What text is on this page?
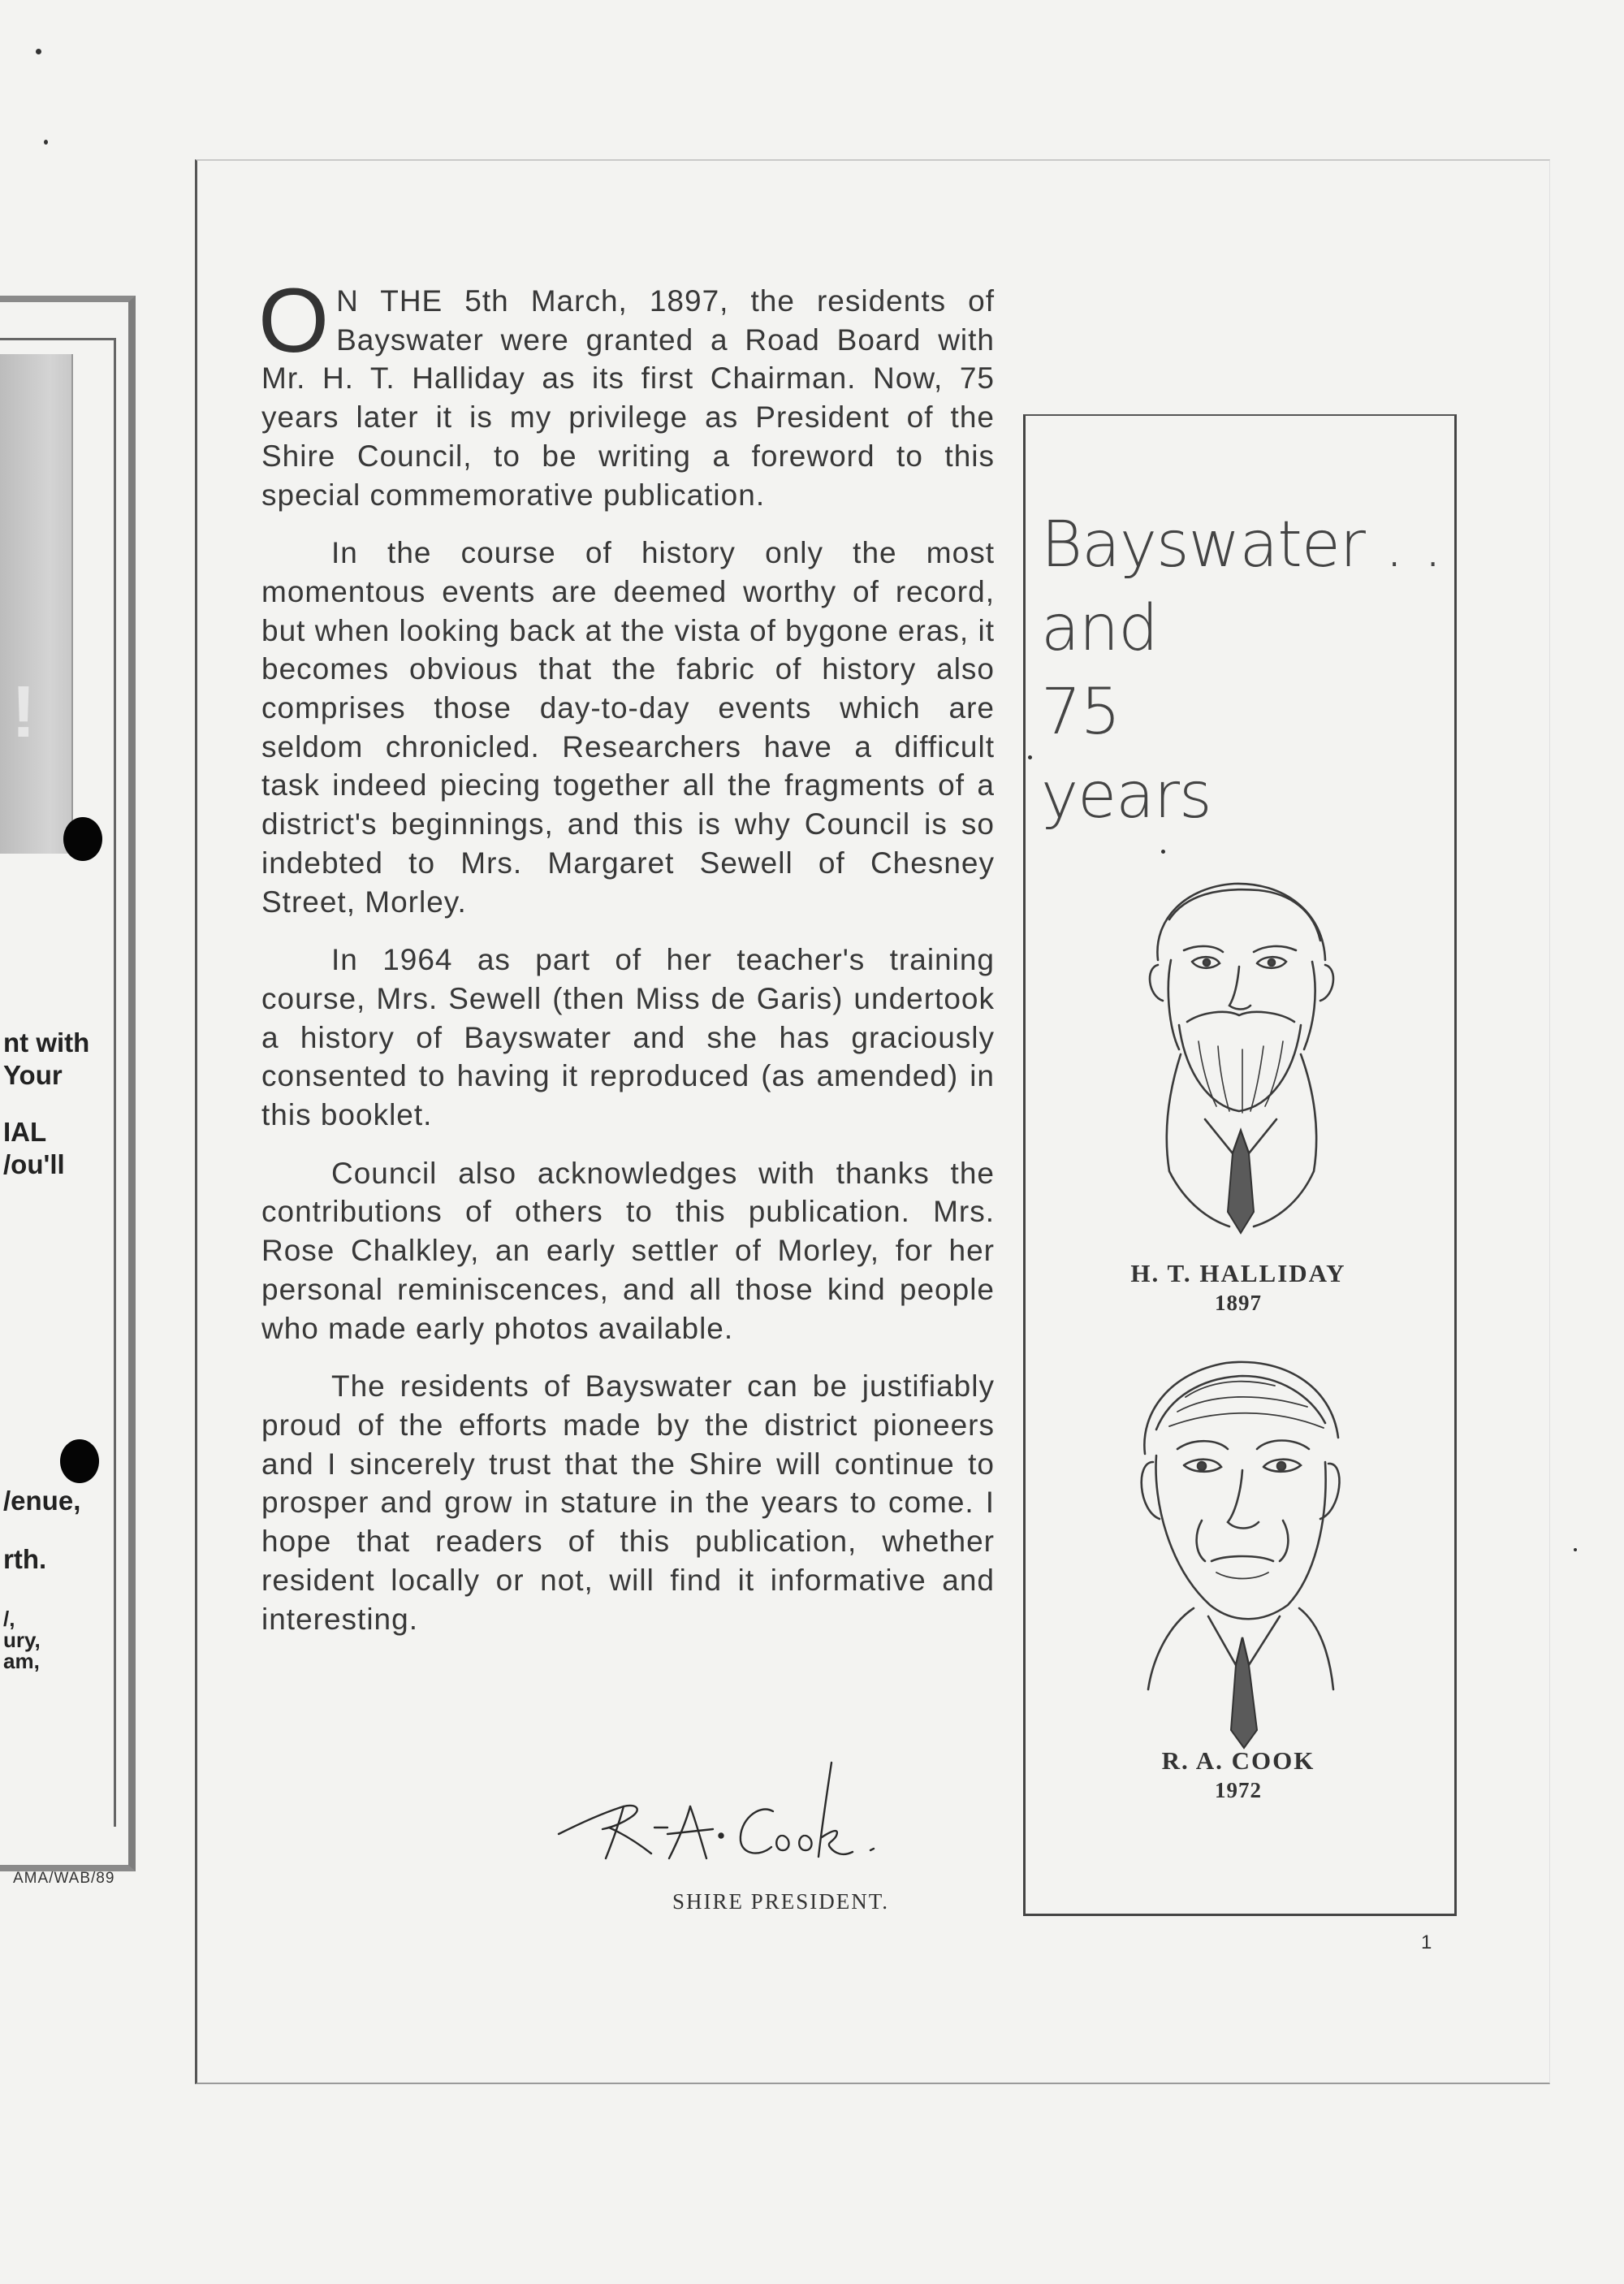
!
nt with
Your
IAL
/ou'll
/enue,
rth.
/,
ury,
am,
AMA/WAB/89

O N THE 5th March, 1897, the residents of Bayswater were granted a Road Board with Mr. H. T. Halliday as its first Chairman. Now, 75 years later it is my privilege as President of the Shire Council, to be writing a foreword to this special commemorative publication.

In the course of history only the most momentous events are deemed worthy of record, but when looking back at the vista of bygone eras, it becomes obvious that the fabric of history also comprises those day-to-day events which are seldom chronicled. Researchers have a difficult task indeed piecing together all the fragments of a district's beginnings, and this is why Council is so indebted to Mrs. Margaret Sewell of Chesney Street, Morley.

In 1964 as part of her teacher's training course, Mrs. Sewell (then Miss de Garis) undertook a history of Bayswater and she has graciously consented to having it reproduced (as amended) in this booklet.

Council also acknowledges with thanks the contributions of others to this publication. Mrs. Rose Chalkley, an early settler of Morley, for her personal reminiscences, and all those kind people who made early photos available.

The residents of Bayswater can be justifiably proud of the efforts made by the district pioneers and I sincerely trust that the Shire will continue to prosper and grow in stature in the years to come. I hope that readers of this publication, whether resident locally or not, will find it informative and interesting.

SHIRE PRESIDENT.
Bayswater . .
and
75
years
H. T. HALLIDAY
1897
R. A. COOK
1972
1
